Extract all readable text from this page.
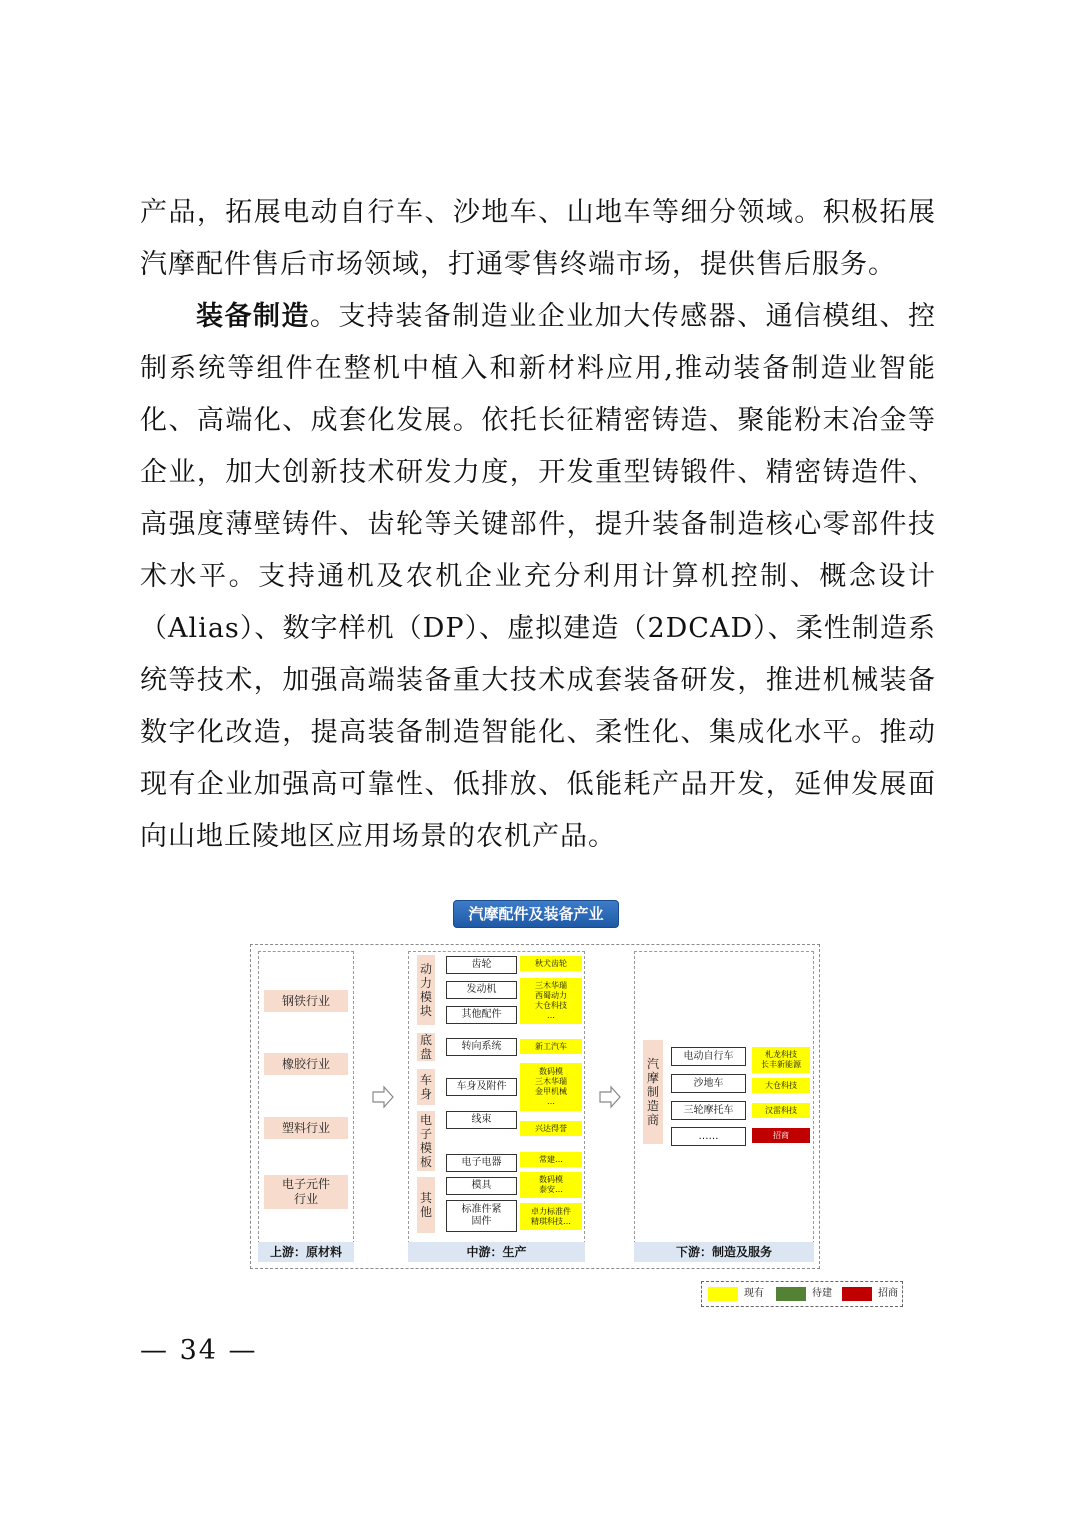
产品，拓展电动自行车、沙地车、山地车等细分领域。积极拓展汽摩配件售后市场领域，打通零售终端市场，提供售后服务。

装备制造。支持装备制造业企业加大传感器、通信模组、控制系统等组件在整机中植入和新材料应用,推动装备制造业智能化、高端化、成套化发展。依托长征精密铸造、聚能粉末冶金等企业，加大创新技术研发力度，开发重型铸锻件、精密铸造件、高强度薄壁铸件、齿轮等关键部件，提升装备制造核心零部件技术水平。支持通机及农机企业充分利用计算机控制、概念设计（Alias）、数字样机（DP）、虚拟建造（2DCAD）、柔性制造系统等技术，加强高端装备重大技术成套装备研发，推进机械装备数字化改造，提高装备制造智能化、柔性化、集成化水平。推动现有企业加强高可靠性、低排放、低能耗产品开发，延伸发展面向山地丘陵地区应用场景的农机产品。

汽摩配件及装备产业
钢铁行业
橡胶行业
塑料行业
电子元件行业
上游：原材料
动力模块
底盘
车身
电子模板
其他
齿轮
发动机
其他配件
转向系统
车身及附件
线束
电子电器
模具
标准件紧固件
秋犬齿轮
三木华瑞
西蜀动力
大仓科技
…
新工汽车
数码模
三木华瑞
金甲机械
…
兴达得誉
常建…
数码模
泰安…
卓力标准件
精琪科技…
中游：生产
汽摩制造商
电动自行车
沙地车
三轮摩托车
……
札龙科技
长丰新能源
大仓科技
汉雷科技
招商
下游：制造及服务
现有	待建	招商
— 34 —
